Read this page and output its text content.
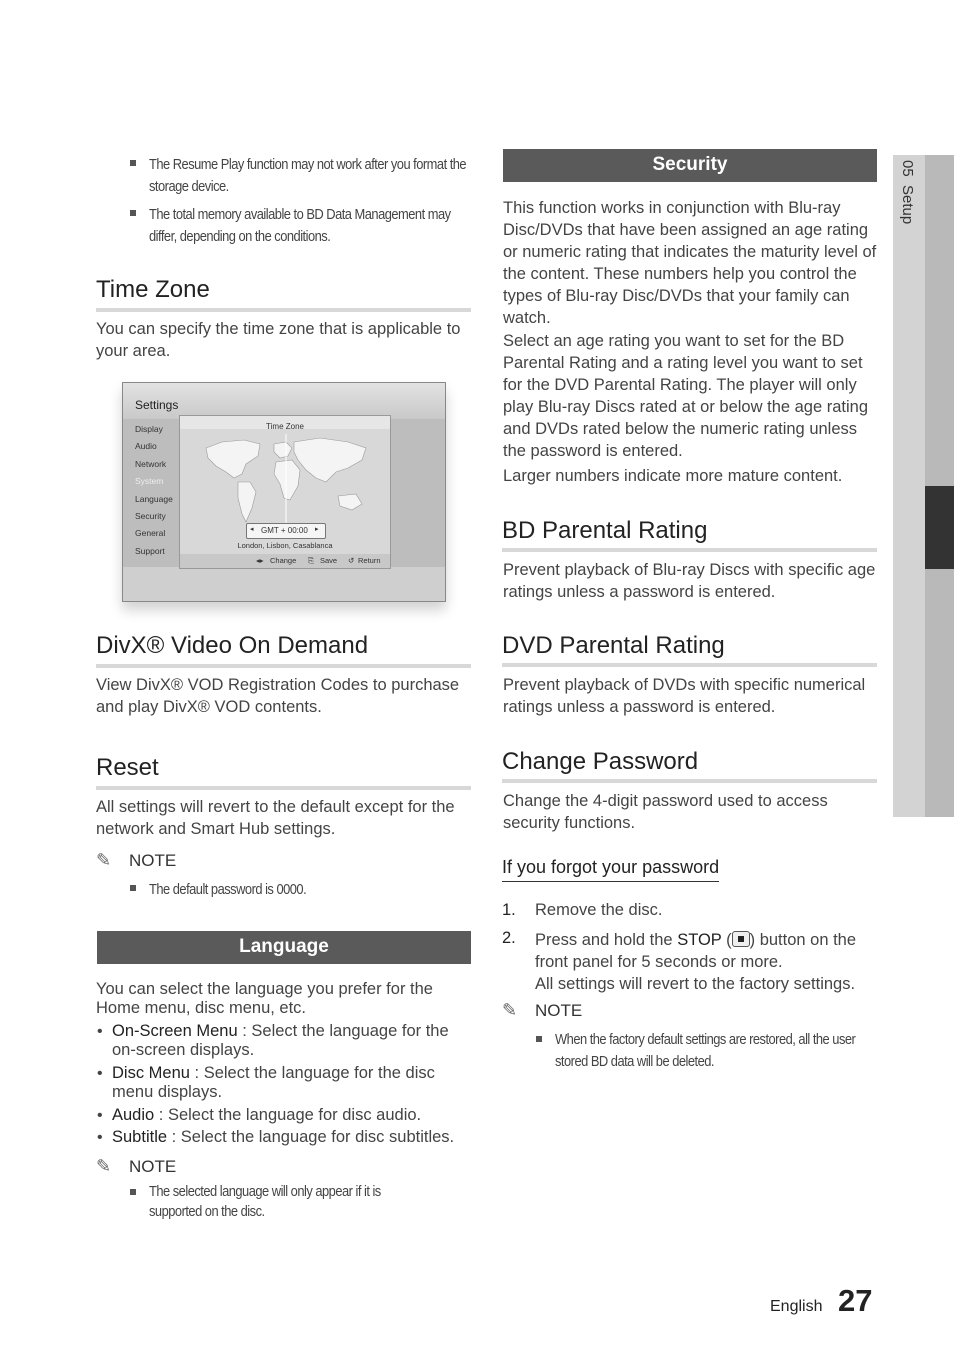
The Resume Play function may not work after you format the storage device.
The total memory available to BD Data Management may differ, depending on the conditions.
Time Zone
You can specify the time zone that is applicable to your area.
Settings
Display
Audio
Network
System
Language
Security
General
Support
Time Zone
◂ GMT + 00:00 ▸
London, Lisbon, Casablanca
◂▸ Change ⎘ Save ↺ Return
DivX® Video On Demand
View DivX® VOD Registration Codes to purchase and play DivX® VOD contents.
Reset
All settings will revert to the default except for the network and Smart Hub settings.
✎ NOTE
The default password is 0000.
Language
You can select the language you prefer for the Home menu, disc menu, etc.
• On-Screen Menu : Select the language for the on-screen displays.
• Disc Menu : Select the language for the disc menu displays.
• Audio : Select the language for disc audio.
• Subtitle : Select the language for disc subtitles.
✎ NOTE
The selected language will only appear if it is supported on the disc.
Security
This function works in conjunction with Blu-ray Disc/DVDs that have been assigned an age rating or numeric rating that indicates the maturity level of the content. These numbers help you control the types of Blu-ray Disc/DVDs that your family can watch.
Select an age rating you want to set for the BD Parental Rating and a rating level you want to set for the DVD Parental Rating. The player will only play Blu-ray Discs rated at or below the age rating and DVDs rated below the numeric rating unless the password is entered.
Larger numbers indicate more mature content.
BD Parental Rating
Prevent playback of Blu-ray Discs with specific age ratings unless a password is entered.
DVD Parental Rating
Prevent playback of DVDs with specific numerical ratings unless a password is entered.
Change Password
Change the 4-digit password used to access security functions.
If you forgot your password
1. Remove the disc.
2. Press and hold the STOP ( ) button on the front panel for 5 seconds or more.
All settings will revert to the factory settings.
✎ NOTE
When the factory default settings are restored, all the user stored BD data will be deleted.
05  Setup
English 27
